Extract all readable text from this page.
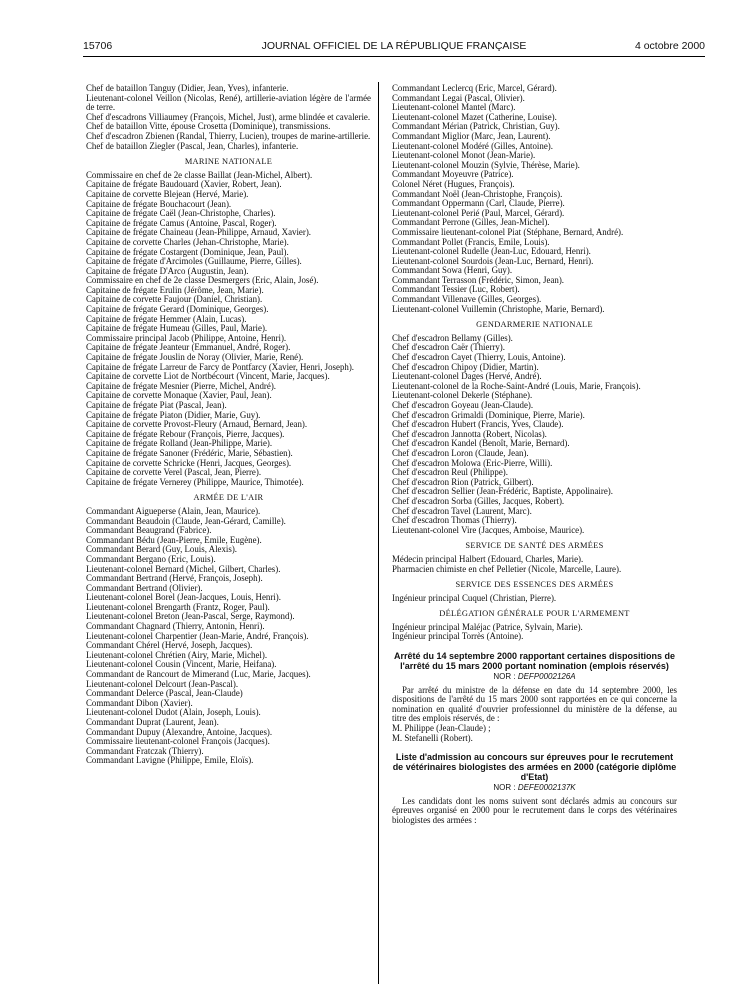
15706	JOURNAL OFFICIEL DE LA RÉPUBLIQUE FRANÇAISE	4 octobre 2000

Chef de bataillon Tanguy (Didier, Jean, Yves), infanterie.

Lieutenant-colonel Veillon (Nicolas, René), artillerie-aviation légère de l'armée de terre.

Chef d'escadrons Villiaumey (François, Michel, Just), arme blindée et cavalerie.

Chef de bataillon Vitte, épouse Crosetta (Dominique), transmissions.

Chef d'escadron Zbienen (Randal, Thierry, Lucien), troupes de marine-artillerie.

Chef de bataillon Ziegler (Pascal, Jean, Charles), infanterie.

MARINE NATIONALE

Commissaire en chef de 2e classe Baillat (Jean-Michel, Albert).

Capitaine de frégate Baudouard (Xavier, Robert, Jean).

Capitaine de corvette Blejean (Hervé, Marie).

Capitaine de frégate Bouchacourt (Jean).

Capitaine de frégate Caël (Jean-Christophe, Charles).

Capitaine de frégate Camus (Antoine, Pascal, Roger).

Capitaine de frégate Chaineau (Jean-Philippe, Arnaud, Xavier).

Capitaine de corvette Charles (Jehan-Christophe, Marie).

Capitaine de frégate Costargent (Dominique, Jean, Paul).

Capitaine de frégate d'Arcimoles (Guillaume, Pierre, Gilles).

Capitaine de frégate D'Arco (Augustin, Jean).

Commissaire en chef de 2e classe Desmergers (Eric, Alain, José).

Capitaine de frégate Erulin (Jérôme, Jean, Marie).

Capitaine de corvette Faujour (Daniel, Christian).

Capitaine de frégate Gerard (Dominique, Georges).

Capitaine de frégate Hemmer (Alain, Lucas).

Capitaine de frégate Humeau (Gilles, Paul, Marie).

Commissaire principal Jacob (Philippe, Antoine, Henri).

Capitaine de frégate Jeanteur (Emmanuel, André, Roger).

Capitaine de frégate Jouslin de Noray (Olivier, Marie, René).

Capitaine de frégate Larreur de Farcy de Pontfarcy (Xavier, Henri, Joseph).

Capitaine de corvette Liot de Nortbécourt (Vincent, Marie, Jacques).

Capitaine de frégate Mesnier (Pierre, Michel, André).

Capitaine de corvette Monaque (Xavier, Paul, Jean).

Capitaine de frégate Piat (Pascal, Jean).

Capitaine de frégate Piaton (Didier, Marie, Guy).

Capitaine de corvette Provost-Fleury (Arnaud, Bernard, Jean).

Capitaine de frégate Rebour (François, Pierre, Jacques).

Capitaine de frégate Rolland (Jean-Philippe, Marie).

Capitaine de frégate Sanoner (Frédéric, Marie, Sébastien).

Capitaine de corvette Schricke (Henri, Jacques, Georges).

Capitaine de corvette Verel (Pascal, Jean, Pierre).

Capitaine de frégate Vernerey (Philippe, Maurice, Thimotée).

ARMÉE DE L'AIR

Commandant Aigueperse (Alain, Jean, Maurice).

Commandant Beaudoin (Claude, Jean-Gérard, Camille).

Commandant Beaugrand (Fabrice).

Commandant Bédu (Jean-Pierre, Emile, Eugène).

Commandant Berard (Guy, Louis, Alexis).

Commandant Bergano (Eric, Louis).

Lieutenant-colonel Bernard (Michel, Gilbert, Charles).

Commandant Bertrand (Hervé, François, Joseph).

Commandant Bertrand (Olivier).

Lieutenant-colonel Borel (Jean-Jacques, Louis, Henri).

Lieutenant-colonel Brengarth (Frantz, Roger, Paul).

Lieutenant-colonel Breton (Jean-Pascal, Serge, Raymond).

Commandant Chagnard (Thierry, Antonin, Henri).

Lieutenant-colonel Charpentier (Jean-Marie, André, François).

Commandant Chérel (Hervé, Joseph, Jacques).

Lieutenant-colonel Chrétien (Airy, Marie, Michel).

Lieutenant-colonel Cousin (Vincent, Marie, Heifana).

Commandant de Rancourt de Mimerand (Luc, Marie, Jacques).

Lieutenant-colonel Delcourt (Jean-Pascal).

Commandant Delerce (Pascal, Jean-Claude)

Commandant Dibon (Xavier).

Lieutenant-colonel Dudot (Alain, Joseph, Louis).

Commandant Duprat (Laurent, Jean).

Commandant Dupuy (Alexandre, Antoine, Jacques).

Commissaire lieutenant-colonel François (Jacques).

Commandant Fratczak (Thierry).

Commandant Lavigne (Philippe, Emile, Eloïs).

Commandant Leclercq (Eric, Marcel, Gérard).

Commandant Legai (Pascal, Olivier).

Lieutenant-colonel Mantel (Marc).

Lieutenant-colonel Mazet (Catherine, Louise).

Commandant Mérian (Patrick, Christian, Guy).

Commandant Miglior (Marc, Jean, Laurent).

Lieutenant-colonel Modéré (Gilles, Antoine).

Lieutenant-colonel Monot (Jean-Marie).

Lieutenant-colonel Mouzin (Sylvie, Thérèse, Marie).

Commandant Moyeuvre (Patrice).

Colonel Néret (Hugues, François).

Commandant Noël (Jean-Christophe, François).

Commandant Oppermann (Carl, Claude, Pierre).

Lieutenant-colonel Perié (Paul, Marcel, Gérard).

Commandant Perrone (Gilles, Jean-Michel).

Commissaire lieutenant-colonel Piat (Stéphane, Bernard, André).

Commandant Pollet (Francis, Emile, Louis).

Lieutenant-colonel Rudelle (Jean-Luc, Edouard, Henri).

Lieutenant-colonel Sourdois (Jean-Luc, Bernard, Henri).

Commandant Sowa (Henri, Guy).

Commandant Terrasson (Frédéric, Simon, Jean).

Commandant Tessier (Luc, Robert).

Commandant Villenave (Gilles, Georges).

Lieutenant-colonel Vuillemin (Christophe, Marie, Bernard).

GENDARMERIE NATIONALE

Chef d'escadron Bellamy (Gilles).

Chef d'escadron Caër (Thierry).

Chef d'escadron Cayet (Thierry, Louis, Antoine).

Chef d'escadron Chipoy (Didier, Martin).

Lieutenant-colonel Dages (Hervé, André).

Lieutenant-colonel de la Roche-Saint-André (Louis, Marie, François).

Lieutenant-colonel Dekerle (Stéphane).

Chef d'escadron Goyeau (Jean-Claude).

Chef d'escadron Grimaldi (Dominique, Pierre, Marie).

Chef d'escadron Hubert (Francis, Yves, Claude).

Chef d'escadron Jannotta (Robert, Nicolas).

Chef d'escadron Kandel (Benoît, Marie, Bernard).

Chef d'escadron Loron (Claude, Jean).

Chef d'escadron Molowa (Eric-Pierre, Willi).

Chef d'escadron Reul (Philippe).

Chef d'escadron Rion (Patrick, Gilbert).

Chef d'escadron Sellier (Jean-Frédéric, Baptiste, Appolinaire).

Chef d'escadron Sorba (Gilles, Jacques, Robert).

Chef d'escadron Tavel (Laurent, Marc).

Chef d'escadron Thomas (Thierry).

Lieutenant-colonel Vire (Jacques, Amboise, Maurice).

SERVICE DE SANTÉ DES ARMÉES

Médecin principal Halbert (Edouard, Charles, Marie).

Pharmacien chimiste en chef Pelletier (Nicole, Marcelle, Laure).

SERVICE DES ESSENCES DES ARMÉES

Ingénieur principal Cuquel (Christian, Pierre).

DÉLÉGATION GÉNÉRALE POUR L'ARMEMENT

Ingénieur principal Maléjac (Patrice, Sylvain, Marie).

Ingénieur principal Torrès (Antoine).

Arrêté du 14 septembre 2000 rapportant certaines dispositions de l'arrêté du 15 mars 2000 portant nomination (emplois réservés)
NOR : DEFP0002126A

Par arrêté du ministre de la défense en date du 14 septembre 2000, les dispositions de l'arrêté du 15 mars 2000 sont rapportées en ce qui concerne la nomination en qualité d'ouvrier professionnel du ministère de la défense, au titre des emplois réservés, de :

M. Philippe (Jean-Claude) ;

M. Stefanelli (Robert).

Liste d'admission au concours sur épreuves pour le recrutement de vétérinaires biologistes des armées en 2000 (catégorie diplôme d'Etat)
NOR : DEFE0002137K

Les candidats dont les noms suivent sont déclarés admis au concours sur épreuves organisé en 2000 pour le recrutement dans le corps des vétérinaires biologistes des armées :
